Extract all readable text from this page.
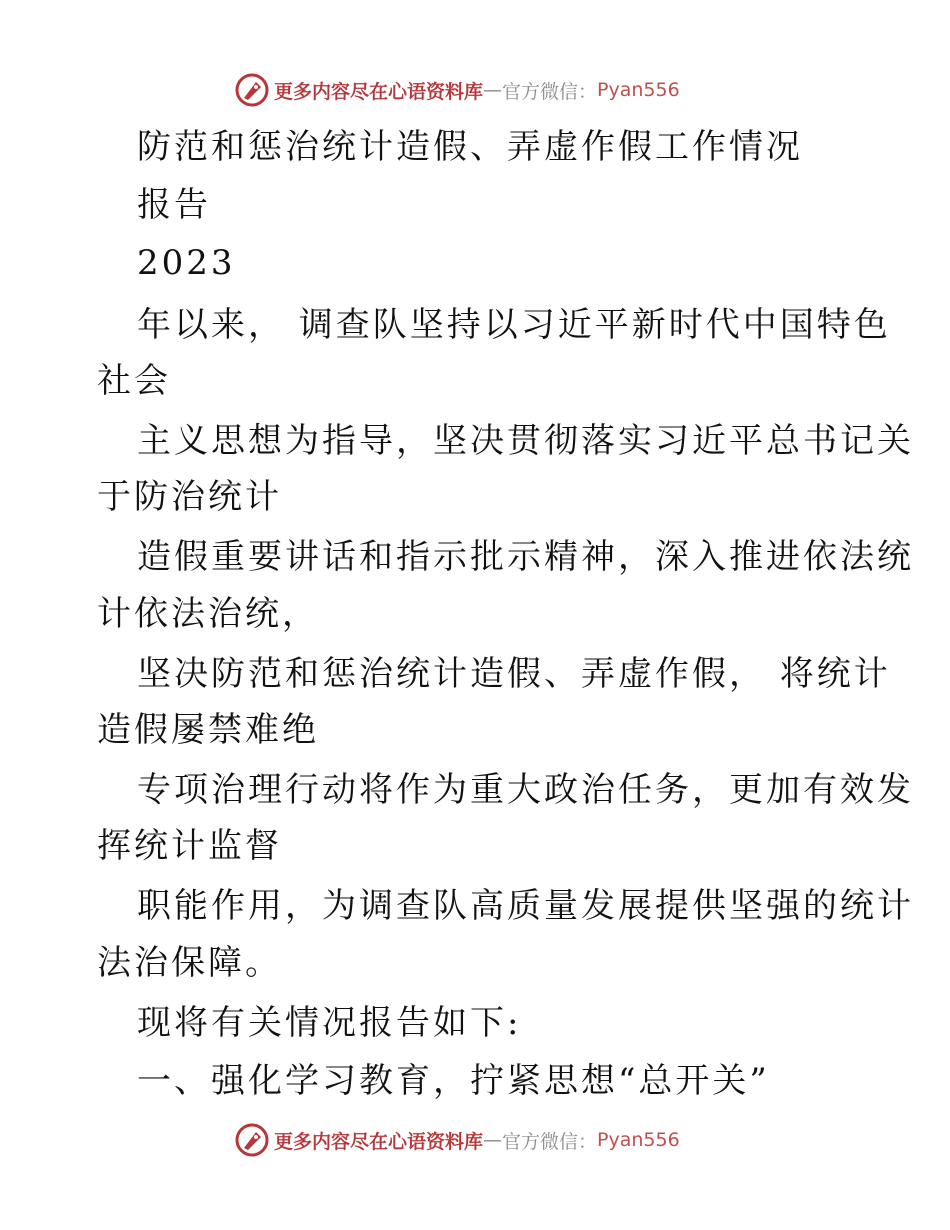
更多内容尽在心语资料库 — 官方微信： Pyan556
防范和惩治统计造假、弄虚作假工作情况
报告
2023
年以来， 调查队坚持以习近平新时代中国特色
社会
主义思想为指导，坚决贯彻落实习近平总书记关
于防治统计
造假重要讲话和指示批示精神，深入推进依法统
计依法治统，
坚决防范和惩治统计造假、弄虚作假， 将统计
造假屡禁难绝
专项治理行动将作为重大政治任务，更加有效发
挥统计监督
职能作用，为调查队高质量发展提供坚强的统计
法治保障。
现将有关情况报告如下:
一、强化学习教育，拧紧思想“总开关”
更多内容尽在心语资料库 — 官方微信： Pyan556
